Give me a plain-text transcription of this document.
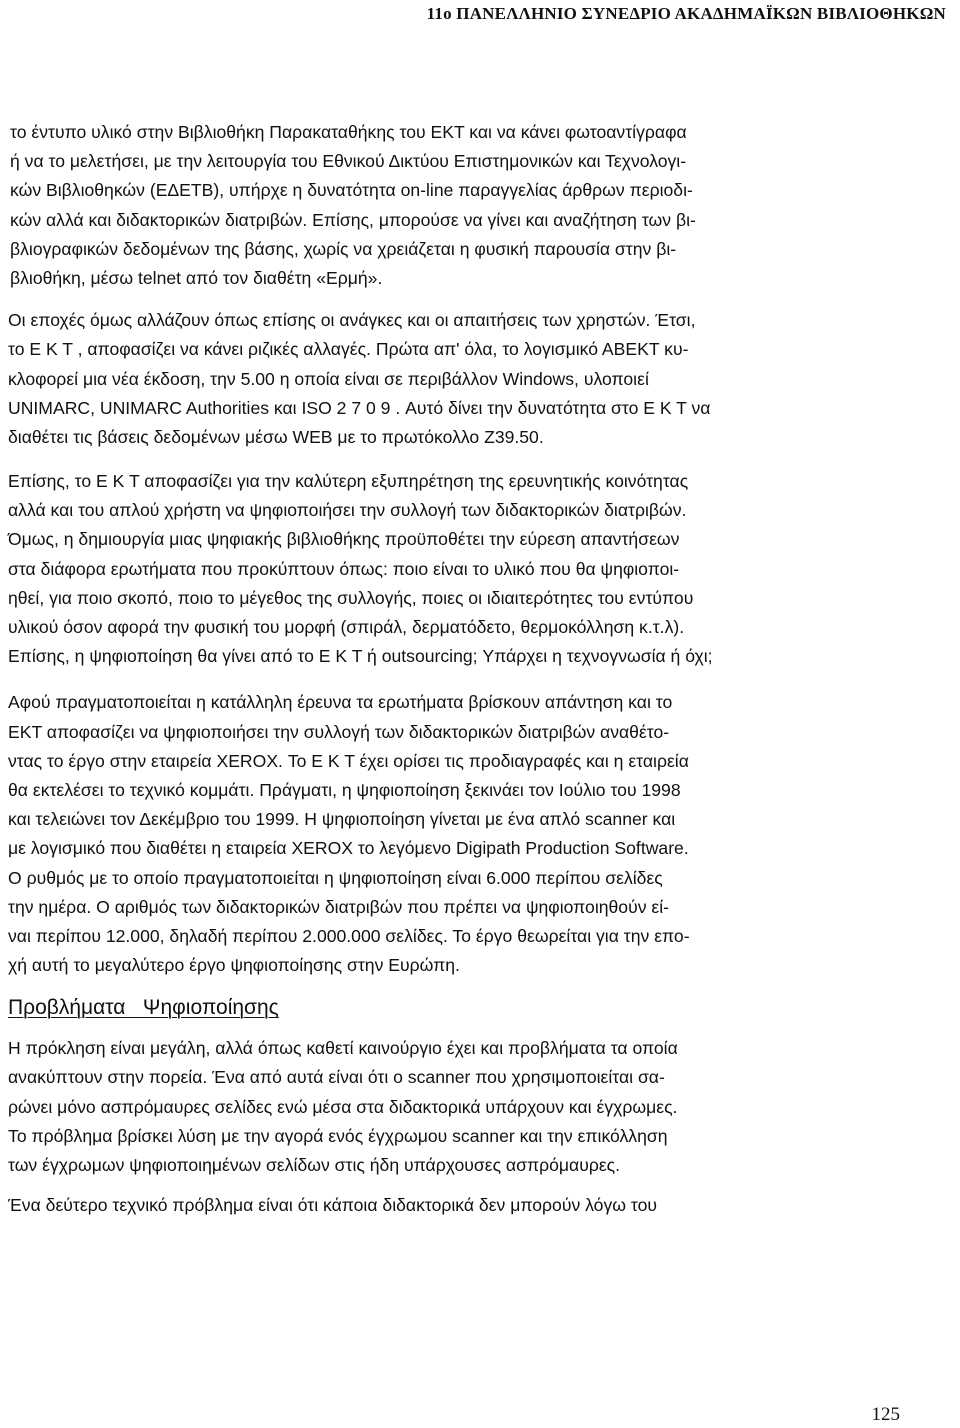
11ο ΠΑΝΕΛΛΗΝΙΟ ΣΥΝΕΔΡΙΟ ΑΚΑΔΗΜΑΪΚΩΝ ΒΙΒΛΙΟΘΗΚΩΝ
το έντυπο υλικό στην Βιβλιοθήκη Παρακαταθήκης του ΕΚΤ και να κάνει φωτοαντίγραφα
ή να το μελετήσει, με την λειτουργία του Εθνικού Δικτύου Επιστημονικών και Τεχνολογι-
κών Βιβλιοθηκών (ΕΔΕΤΒ), υπήρχε η δυνατότητα on-line παραγγελίας άρθρων περιοδι-
κών αλλά και διδακτορικών διατριβών. Επίσης, μπορούσε να γίνει και αναζήτηση των βι-
βλιογραφικών δεδομένων της βάσης, χωρίς να χρειάζεται η φυσική παρουσία στην βι-
βλιοθήκη, μέσω telnet από τον διαθέτη «Ερμή».
Οι εποχές όμως αλλάζουν όπως επίσης οι ανάγκες και οι απαιτήσεις των χρηστών. Έτσι,
το Ε Κ Τ , αποφασίζει να κάνει ριζικές αλλαγές. Πρώτα απ' όλα, το λογισμικό ΑΒΕΚΤ κυ-
κλοφορεί μια νέα έκδοση, την 5.00 η οποία είναι σε περιβάλλον Windows, υλοποιεί
UNIMARC, UNIMARC Authorities και ISO 2 7 0 9 . Αυτό δίνει την δυνατότητα στο Ε Κ Τ να
διαθέτει τις βάσεις δεδομένων μέσω WEB με το πρωτόκολλο Z39.50.
Επίσης, το Ε Κ Τ αποφασίζει για την καλύτερη εξυπηρέτηση της ερευνητικής κοινότητας
αλλά και του απλού χρήστη να ψηφιοποιήσει την συλλογή των διδακτορικών διατριβών.
Όμως, η δημιουργία μιας ψηφιακής βιβλιοθήκης προϋποθέτει την εύρεση απαντήσεων
στα διάφορα ερωτήματα που προκύπτουν όπως: ποιο είναι το υλικό που θα ψηφιοποι-
ηθεί, για ποιο σκοπό, ποιο το μέγεθος της συλλογής, ποιες οι ιδιαιτερότητες του εντύπου
υλικού όσον αφορά την φυσική του μορφή (σπιράλ, δερματόδετο, θερμοκόλληση κ.τ.λ).
Επίσης, η ψηφιοποίηση θα γίνει από το Ε Κ Τ ή outsourcing; Υπάρχει η τεχνογνωσία ή όχι;
Αφού πραγματοποιείται η κατάλληλη έρευνα τα ερωτήματα βρίσκουν απάντηση και το
ΕΚΤ αποφασίζει να ψηφιοποιήσει την συλλογή των διδακτορικών διατριβών αναθέτο-
ντας το έργο στην εταιρεία XEROX. Το Ε Κ Τ έχει ορίσει τις προδιαγραφές και η εταιρεία
θα εκτελέσει το τεχνικό κομμάτι. Πράγματι, η ψηφιοποίηση ξεκινάει τον Ιούλιο του 1998
και τελειώνει τον Δεκέμβριο του 1999. Η ψηφιοποίηση γίνεται με ένα απλό scanner και
με λογισμικό που διαθέτει η εταιρεία XEROX το λεγόμενο Digipath Production Software.
Ο ρυθμός με το οποίο πραγματοποιείται η ψηφιοποίηση είναι 6.000 περίπου σελίδες
την ημέρα. Ο αριθμός των διδακτορικών διατριβών που πρέπει να ψηφιοποιηθούν εί-
ναι περίπου 12.000, δηλαδή περίπου 2.000.000 σελίδες. Το έργο θεωρείται για την επο-
χή αυτή το μεγαλύτερο έργο ψηφιοποίησης στην Ευρώπη.
Προβλήματα   Ψηφιοποίησης
Η πρόκληση είναι μεγάλη, αλλά όπως καθετί καινούργιο έχει και προβλήματα τα οποία
ανακύπτουν στην πορεία. Ένα από αυτά είναι ότι ο scanner που χρησιμοποιείται σα-
ρώνει μόνο ασπρόμαυρες σελίδες ενώ μέσα στα διδακτορικά υπάρχουν και έγχρωμες.
Το πρόβλημα βρίσκει λύση με την αγορά ενός έγχρωμου scanner και την επικόλληση
των έγχρωμων ψηφιοποιημένων σελίδων στις ήδη υπάρχουσες ασπρόμαυρες.
Ένα δεύτερο τεχνικό πρόβλημα είναι ότι κάποια διδακτορικά δεν μπορούν λόγω του
125
